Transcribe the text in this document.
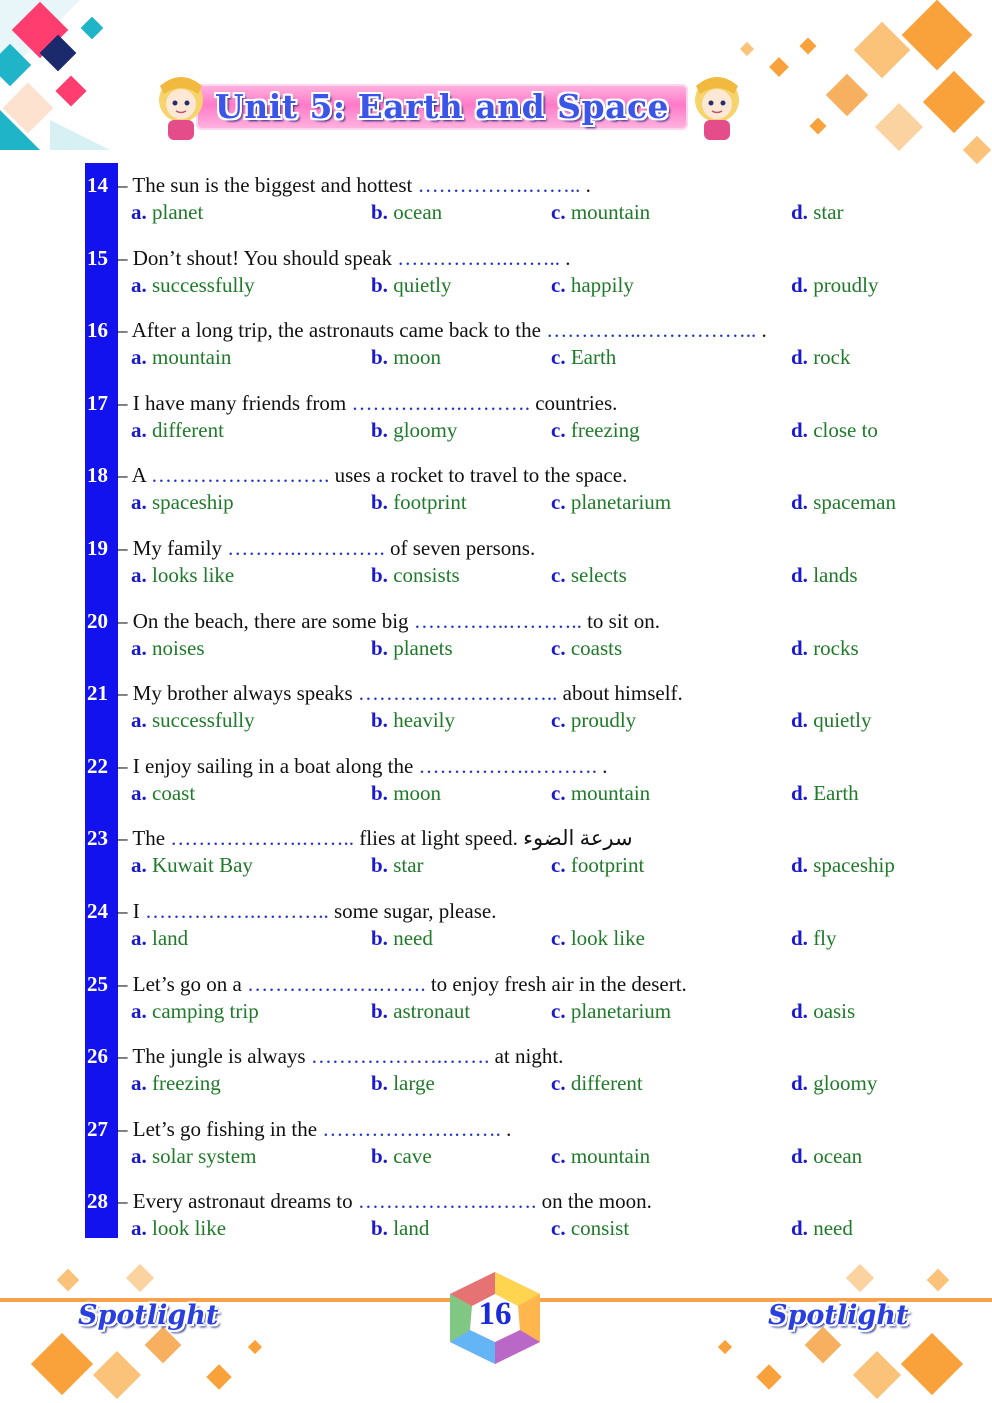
Unit 5: Earth and Space
14 – The sun is the biggest and hottest …………….…….. .
a. planet	b. ocean	c. mountain	d. star
15 – Don’t shout! You should speak …………….…….. .
a. successfully	b. quietly	c. happily	d. proudly
16 – After a long trip, the astronauts came back to the …………..…………….. .
a. mountain	b. moon	c. Earth	d. rock
17 – I have many friends from …………….………. countries.
a. different	b. gloomy	c. freezing	d. close to
18 – A …………….………. uses a rocket to travel to the space.
a. spaceship	b. footprint	c. planetarium	d. spaceman
19 – My family ……….…………. of seven persons.
a. looks like	b. consists	c. selects	d. lands
20 – On the beach, there are some big …………..……….. to sit on.
a. noises	b. planets	c. coasts	d. rocks
21 – My brother always speaks ……………………….. about himself.
a. successfully	b. heavily	c. proudly	d. quietly
22 – I enjoy sailing in a boat along the …………….………. .
a. coast	b. moon	c. mountain	d. Earth
23 – The ……………….…….. flies at light speed. سرعة الضوء
a. Kuwait Bay	b. star	c. footprint	d. spaceship
24 – I …………….……….. some sugar, please.
a. land	b. need	c. look like	d. fly
25 – Let’s go on a ……………….……. to enjoy fresh air in the desert.
a. camping trip	b. astronaut	c. planetarium	d. oasis
26 – The jungle is always ……………….……. at night.
a. freezing	b. large	c. different	d. gloomy
27 – Let’s go fishing in the ……………….……. .
a. solar system	b. cave	c. mountain	d. ocean
28 – Every astronaut dreams to ……………….……. on the moon.
a. look like	b. land	c. consist	d. need
Spotlight	Spotlight
16
